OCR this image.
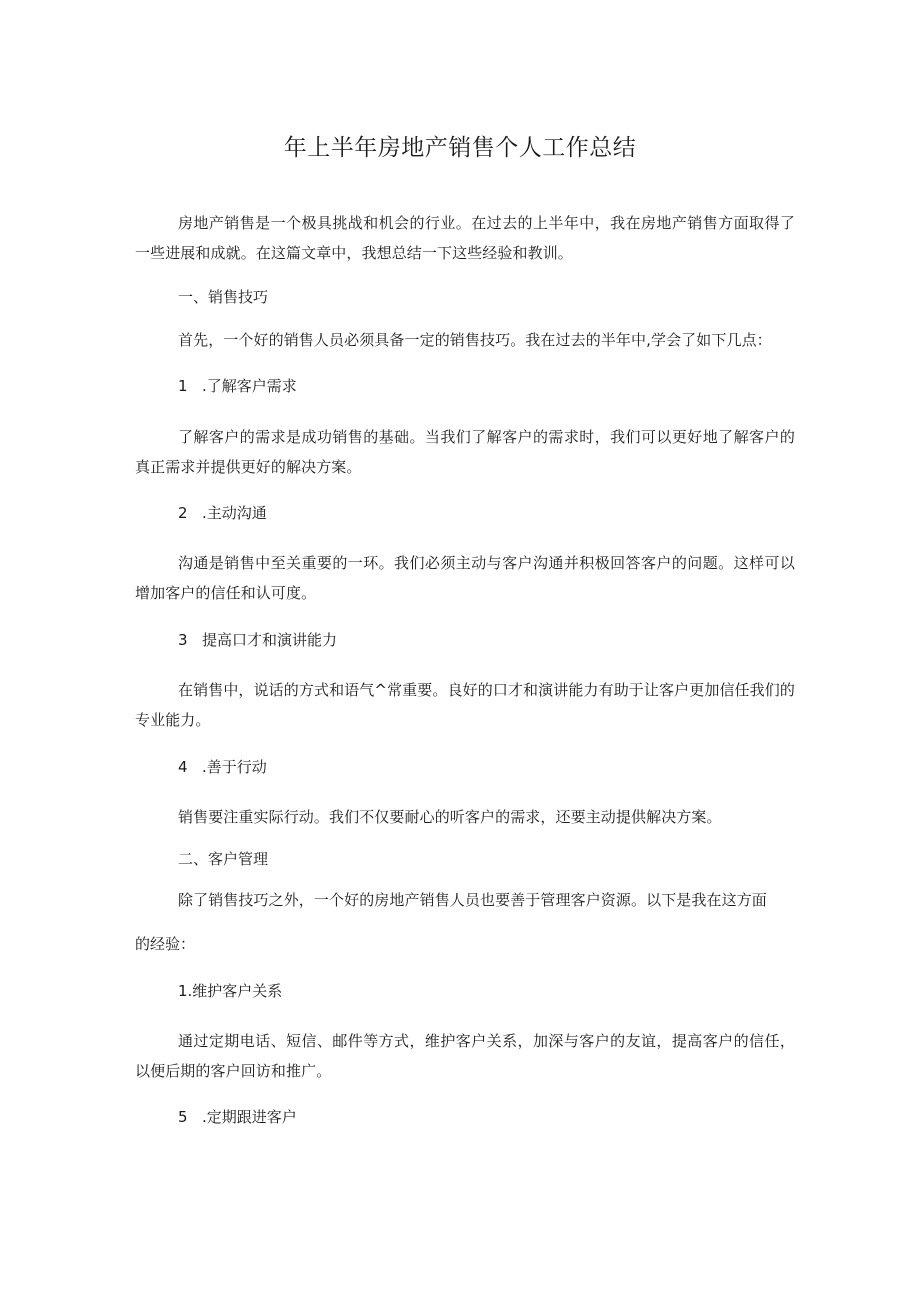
年上半年房地产销售个人工作总结

房地产销售是一个极具挑战和机会的行业。在过去的上半年中，我在房地产销售方面取得了一些进展和成就。在这篇文章中，我想总结一下这些经验和教训。

一、销售技巧

首先，一个好的销售人员必须具备一定的销售技巧。我在过去的半年中,学会了如下几点：

1 .了解客户需求

了解客户的需求是成功销售的基础。当我们了解客户的需求时，我们可以更好地了解客户的真正需求并提供更好的解决方案。

2 .主动沟通

沟通是销售中至关重要的一环。我们必须主动与客户沟通并积极回答客户的问题。这样可以增加客户的信任和认可度。

3 提高口才和演讲能力

在销售中，说话的方式和语气^常重要。良好的口才和演讲能力有助于让客户更加信任我们的专业能力。

4 .善于行动

销售要注重实际行动。我们不仅要耐心的听客户的需求，还要主动提供解决方案。

二、客户管理

除了销售技巧之外，一个好的房地产销售人员也要善于管理客户资源。以下是我在这方面

的经验：
1.维护客户关系

通过定期电话、短信、邮件等方式，维护客户关系，加深与客户的友谊，提高客户的信任，以便后期的客户回访和推广。

5 .定期跟进客户
